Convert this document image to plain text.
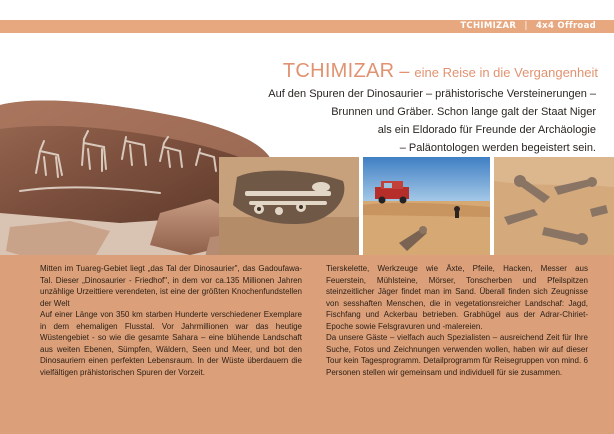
TCHIMIZAR | 4x4 Offroad
TCHIMIZAR – eine Reise in die Vergangenheit
Auf den Spuren der Dinosaurier – prähistorische Versteinerungen –
Brunnen und Gräber. Schon lange galt der Staat Niger
als ein Eldorado für Freunde der Archäologie
– Paläontologen werden begeistert sein.

Mitten im Tuareg-Gebiet liegt „das Tal der Dinosaurier", das Gadoufawa-Tal. Dieser „Dinosaurier - Friedhof", in dem vor ca.135 Millionen Jahren unzählige Urzeittiere verendeten, ist eine der größten Knochenfundstellen der Welt

Auf einer Länge von 350 km starben Hunderte verschiedener Exemplare in dem ehemaligen Flusstal. Vor Jahrmillionen war das heutige Wüstengebiet - so wie die gesamte Sahara – eine blühende Landschaft aus weiten Ebenen, Sümpfen, Wäldern, Seen und Meer, und bot den Dinosauriern einen perfekten Lebensraum. In der Wüste überdauern die vielfältigen prähistorischen Spuren der Vorzeit.

Tierskelette, Werkzeuge wie Äxte, Pfeile, Hacken, Messer aus Feuerstein, Mühlsteine, Mörser, Tonscherben und Pfeilspitzen steinzeitlicher Jäger findet man im Sand. Überall finden sich Zeugnisse von sesshaften Menschen, die in vegetationsreicher Landschaf: Jagd, Fischfang und Ackerbau betrieben. Grabhügel aus der Adrar-Chiriet-Epoche sowie Felsgravuren und -malereien.

Da unsere Gäste – vielfach auch Spezialisten – ausreichend Zeit für Ihre Suche, Fotos und Zeichnungen verwenden wollen, haben wir auf dieser Tour kein Tagesprogramm. Detailprogramm für Reisegruppen von mind. 6 Personen stellen wir gemeinsam und individuell für sie zusammen.
